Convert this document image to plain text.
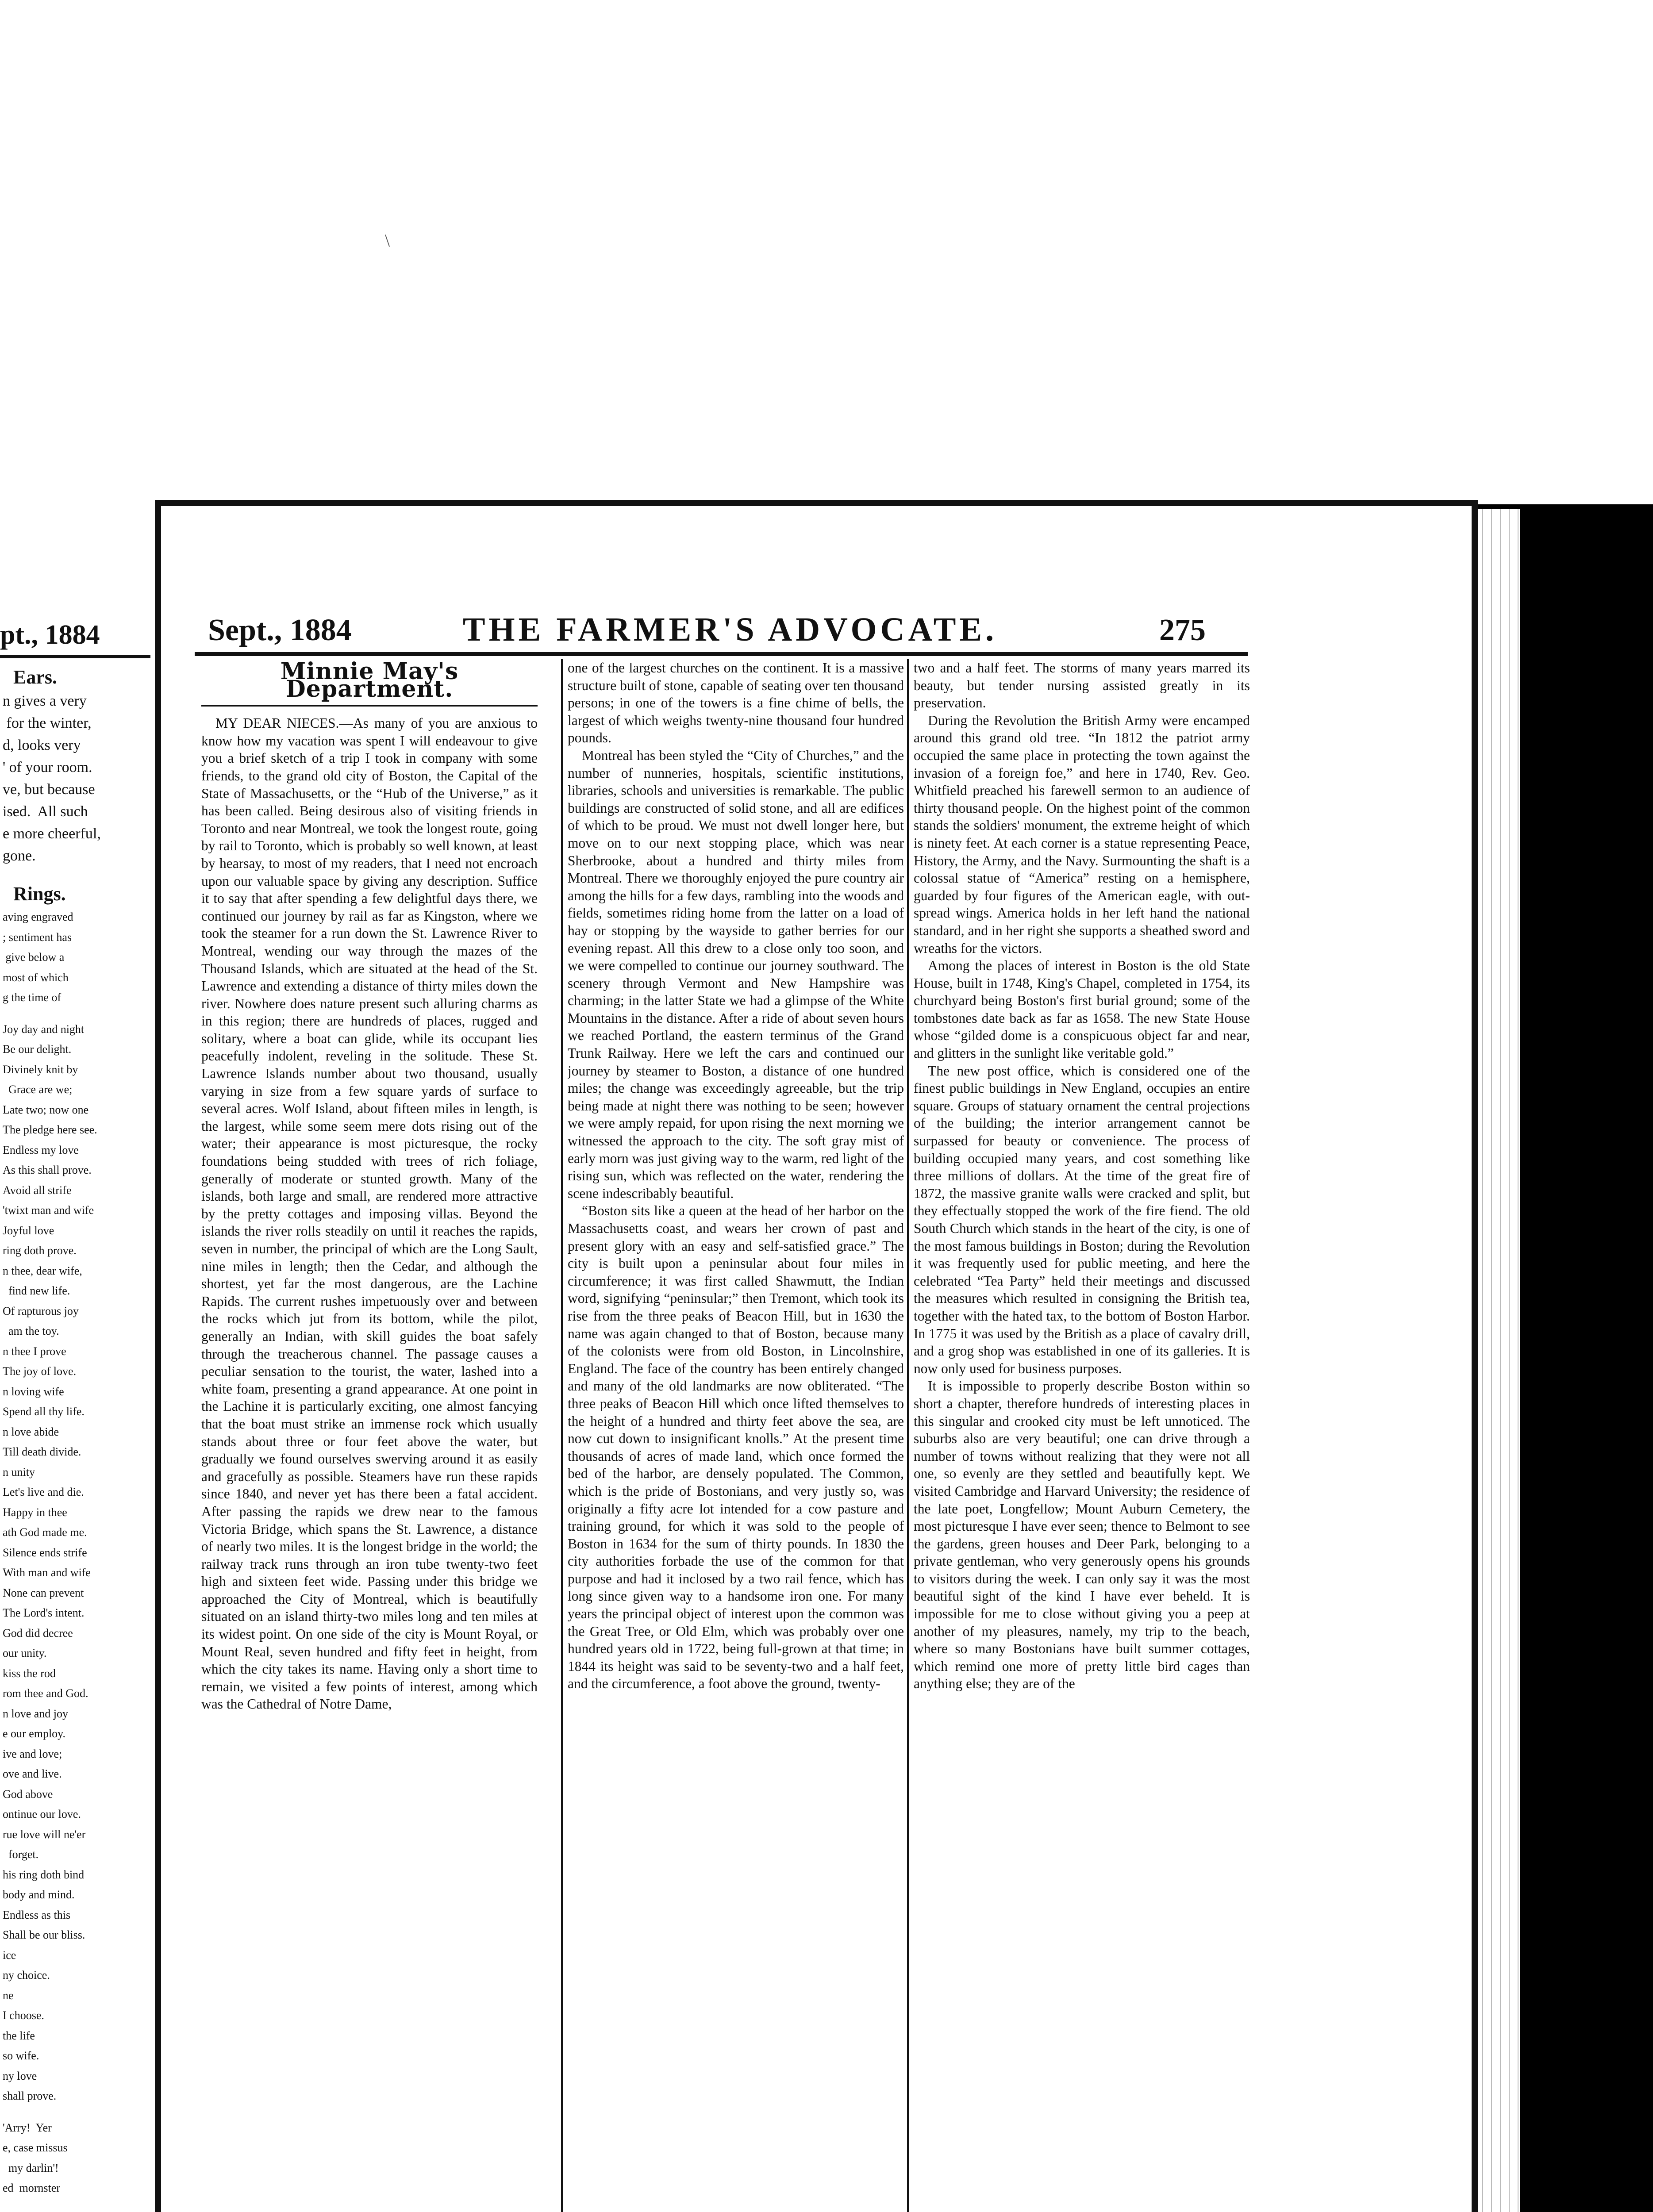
\
pt., 1884
Ears.
n gives a very
for the winter,
d, looks very
' of your room.
ve, but because
ised.  All such
e more cheerful,
gone.
Rings.
aving engraved
; sentiment has
give below a
most of which
g the time of
Joy day and night
Be our delight.
Divinely knit by
Grace are we;
Late two; now one
The pledge here see.
Endless my love
As this shall prove.
Avoid all strife
'twixt man and wife
Joyful love
ring doth prove.
n thee, dear wife,
find new life.
Of rapturous joy
am the toy.
n thee I prove
The joy of love.
n loving wife
Spend all thy life.
n love abide
Till death divide.
n unity
Let's live and die.
Happy in thee
ath God made me.
Silence ends strife
With man and wife
None can prevent
The Lord's intent.
God did decree
our unity.
kiss the rod
rom thee and God.
n love and joy
e our employ.
ive and love;
ove and live.
God above
ontinue our love.
rue love will ne'er
forget.
his ring doth bind
body and mind.
Endless as this
Shall be our bliss.
ice
ny choice.
ne
I choose.
the life
so wife.
ny love
shall prove.
'Arry!  Yer
e, case missus
my darlin'!
ed  mornster
Sept., 1884	THE FARMER'S ADVOCATE.	275
Minnie May's Department.

MY DEAR NIECES.—As many of you are anxious to know how my vacation was spent I will endeavour to give you a brief sketch of a trip I took in company with some friends, to the grand old city of Boston, the Capital of the State of Massachusetts, or the “Hub of the Universe,” as it has been called. Being desirous also of visiting friends in Toronto and near Montreal, we took the longest route, going by rail to Toronto, which is probably so well known, at least by hearsay, to most of my readers, that I need not encroach upon our valuable space by giving any description. Suffice it to say that after spending a few delightful days there, we continued our journey by rail as far as Kingston, where we took the steamer for a run down the St. Lawrence River to Montreal, wending our way through the mazes of the Thousand Islands, which are situated at the head of the St. Lawrence and extending a distance of thirty miles down the river. Nowhere does nature present such alluring charms as in this region; there are hundreds of places, rugged and solitary, where a boat can glide, while its occupant lies peacefully indolent, reveling in the solitude. These St. Lawrence Islands number about two thousand, usually varying in size from a few square yards of surface to several acres. Wolf Island, about fifteen miles in length, is the largest, while some seem mere dots rising out of the water; their appearance is most picturesque, the rocky foundations being studded with trees of rich foliage, generally of moderate or stunted growth. Many of the islands, both large and small, are rendered more attractive by the pretty cottages and imposing villas. Beyond the islands the river rolls steadily on until it reaches the rapids, seven in number, the principal of which are the Long Sault, nine miles in length; then the Cedar, and although the shortest, yet far the most dangerous, are the Lachine Rapids. The current rushes impetuously over and between the rocks which jut from its bottom, while the pilot, generally an Indian, with skill guides the boat safely through the treacherous channel. The passage causes a peculiar sensation to the tourist, the water, lashed into a white foam, presenting a grand appearance. At one point in the Lachine it is particularly exciting, one almost fancying that the boat must strike an immense rock which usually stands about three or four feet above the water, but gradually we found ourselves swerving around it as easily and gracefully as possible. Steamers have run these rapids since 1840, and never yet has there been a fatal accident. After passing the rapids we drew near to the famous Victoria Bridge, which spans the St. Lawrence, a distance of nearly two miles. It is the longest bridge in the world; the railway track runs through an iron tube twenty-two feet high and sixteen feet wide. Passing under this bridge we approached the City of Montreal, which is beautifully situated on an island thirty-two miles long and ten miles at its widest point. On one side of the city is Mount Royal, or Mount Real, seven hundred and fifty feet in height, from which the city takes its name. Having only a short time to remain, we visited a few points of interest, among which was the Cathedral of Notre Dame,

one of the largest churches on the continent. It is a massive structure built of stone, capable of seating over ten thousand persons; in one of the towers is a fine chime of bells, the largest of which weighs twenty-nine thousand four hundred pounds.

Montreal has been styled the “City of Churches,” and the number of nunneries, hospitals, scientific institutions, libraries, schools and universities is remarkable. The public buildings are constructed of solid stone, and all are edifices of which to be proud. We must not dwell longer here, but move on to our next stopping place, which was near Sherbrooke, about a hundred and thirty miles from Montreal. There we thoroughly enjoyed the pure country air among the hills for a few days, rambling into the woods and fields, sometimes riding home from the latter on a load of hay or stopping by the wayside to gather berries for our evening repast. All this drew to a close only too soon, and we were compelled to continue our journey southward. The scenery through Vermont and New Hampshire was charming; in the latter State we had a glimpse of the White Mountains in the distance. After a ride of about seven hours we reached Portland, the eastern terminus of the Grand Trunk Railway. Here we left the cars and continued our journey by steamer to Boston, a distance of one hundred miles; the change was exceedingly agreeable, but the trip being made at night there was nothing to be seen; however we were amply repaid, for upon rising the next morning we witnessed the approach to the city. The soft gray mist of early morn was just giving way to the warm, red light of the rising sun, which was reflected on the water, rendering the scene indescribably beautiful.

“Boston sits like a queen at the head of her harbor on the Massachusetts coast, and wears her crown of past and present glory with an easy and self-satisfied grace.” The city is built upon a peninsular about four miles in circumference; it was first called Shawmutt, the Indian word, signifying “peninsular;” then Tremont, which took its rise from the three peaks of Beacon Hill, but in 1630 the name was again changed to that of Boston, because many of the colonists were from old Boston, in Lincolnshire, England. The face of the country has been entirely changed and many of the old landmarks are now obliterated. “The three peaks of Beacon Hill which once lifted themselves to the height of a hundred and thirty feet above the sea, are now cut down to insignificant knolls.” At the present time thousands of acres of made land, which once formed the bed of the harbor, are densely populated. The Common, which is the pride of Bostonians, and very justly so, was originally a fifty acre lot intended for a cow pasture and training ground, for which it was sold to the people of Boston in 1634 for the sum of thirty pounds. In 1830 the city authorities forbade the use of the common for that purpose and had it inclosed by a two rail fence, which has long since given way to a handsome iron one. For many years the principal object of interest upon the common was the Great Tree, or Old Elm, which was probably over one hundred years old in 1722, being full-grown at that time; in 1844 its height was said to be seventy-two and a half feet, and the circumference, a foot above the ground, twenty-

two and a half feet. The storms of many years marred its beauty, but tender nursing assisted greatly in its preservation.

During the Revolution the British Army were encamped around this grand old tree. “In 1812 the patriot army occupied the same place in protecting the town against the invasion of a foreign foe,” and here in 1740, Rev. Geo. Whitfield preached his farewell sermon to an audience of thirty thousand people. On the highest point of the common stands the soldiers' monument, the extreme height of which is ninety feet. At each corner is a statue representing Peace, History, the Army, and the Navy. Surmounting the shaft is a colossal statue of “America” resting on a hemisphere, guarded by four figures of the American eagle, with out-spread wings. America holds in her left hand the national standard, and in her right she supports a sheathed sword and wreaths for the victors.

Among the places of interest in Boston is the old State House, built in 1748, King's Chapel, completed in 1754, its churchyard being Boston's first burial ground; some of the tombstones date back as far as 1658. The new State House whose “gilded dome is a conspicuous object far and near, and glitters in the sunlight like veritable gold.”

The new post office, which is considered one of the finest public buildings in New England, occupies an entire square. Groups of statuary ornament the central projections of the building; the interior arrangement cannot be surpassed for beauty or convenience. The process of building occupied many years, and cost something like three millions of dollars. At the time of the great fire of 1872, the massive granite walls were cracked and split, but they effectually stopped the work of the fire fiend. The old South Church which stands in the heart of the city, is one of the most famous buildings in Boston; during the Revolution it was frequently used for public meeting, and here the celebrated “Tea Party” held their meetings and discussed the measures which resulted in consigning the British tea, together with the hated tax, to the bottom of Boston Harbor. In 1775 it was used by the British as a place of cavalry drill, and a grog shop was established in one of its galleries. It is now only used for business purposes.

It is impossible to properly describe Boston within so short a chapter, therefore hundreds of interesting places in this singular and crooked city must be left unnoticed. The suburbs also are very beautiful; one can drive through a number of towns without realizing that they were not all one, so evenly are they settled and beautifully kept. We visited Cambridge and Harvard University; the residence of the late poet, Longfellow; Mount Auburn Cemetery, the most picturesque I have ever seen; thence to Belmont to see the gardens, green houses and Deer Park, belonging to a private gentleman, who very generously opens his grounds to visitors during the week. I can only say it was the most beautiful sight of the kind I have ever beheld. It is impossible for me to close without giving you a peep at another of my pleasures, namely, my trip to the beach, where so many Bostonians have built summer cottages, which remind one more of pretty little bird cages than anything else; they are of the
